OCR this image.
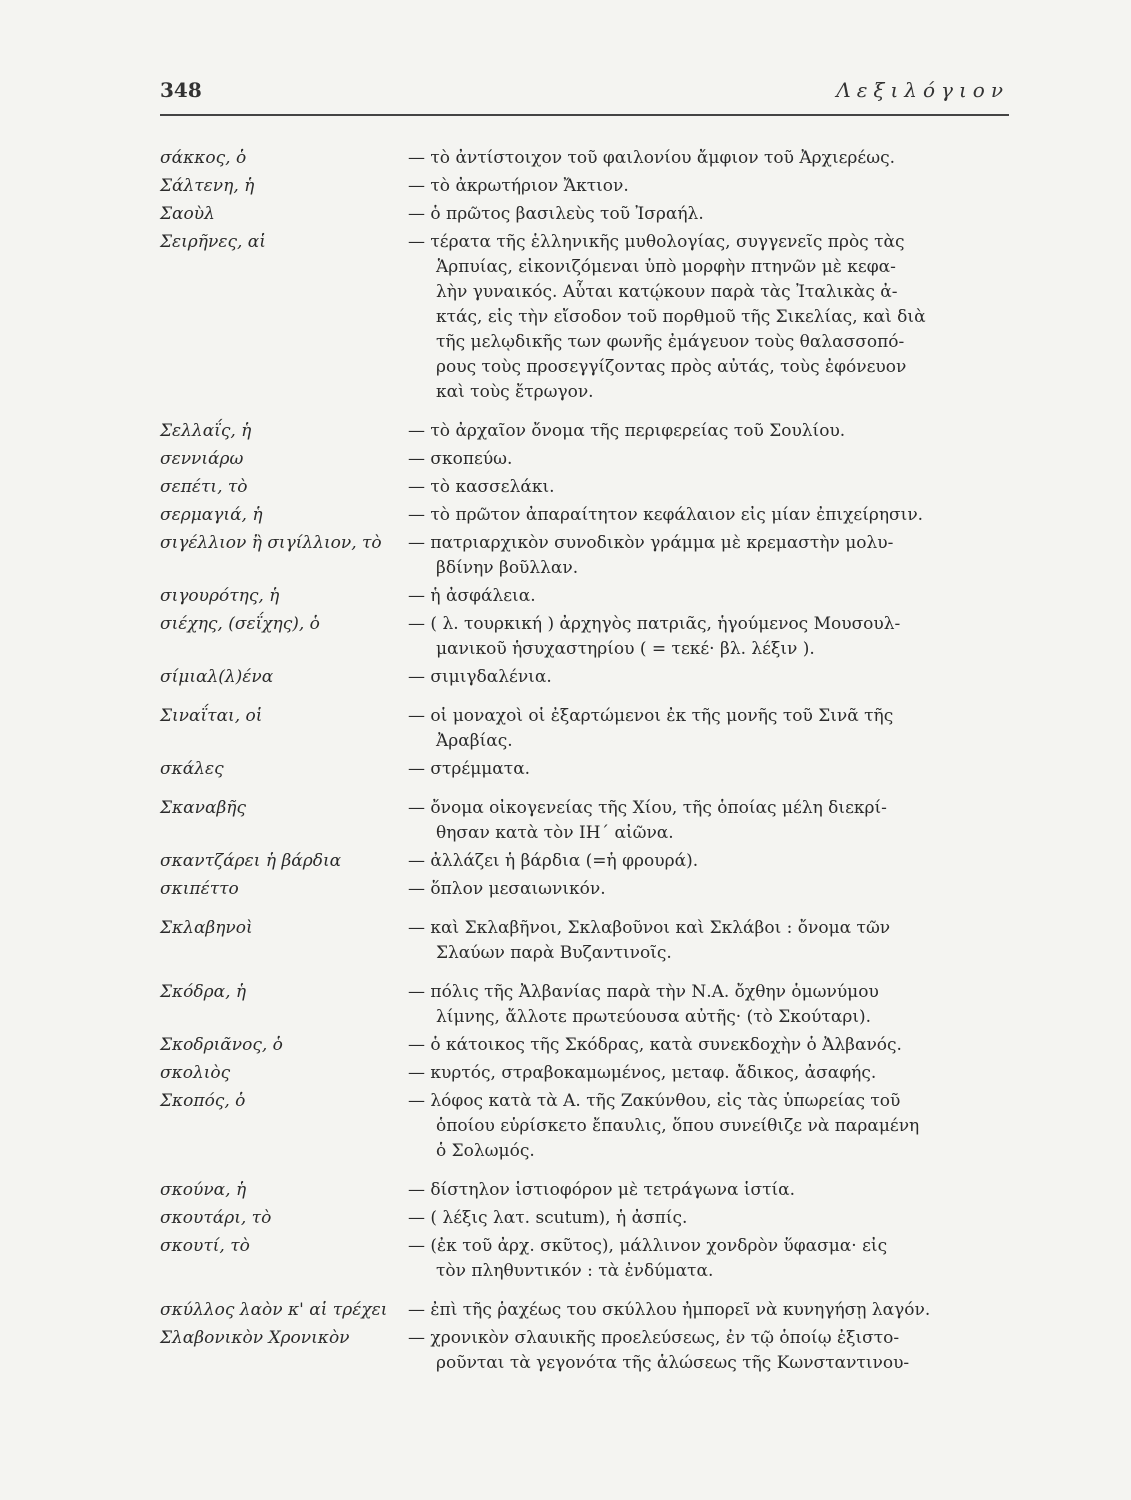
348	Λεξιλόγιον
σάκκος, ὁ	— τὸ ἀντίστοιχον τοῦ φαιλονίου ἄμφιον τοῦ Ἀρχιερέως.

Σάλτενη, ἡ	— τὸ ἀκρωτήριον Ἄκτιον.

Σαοὺλ	— ὁ πρῶτος βασιλεὺς τοῦ Ἰσραήλ.

Σειρῆνες, αἱ	— τέρατα τῆς ἑλληνικῆς μυθολογίας, συγγενεῖς πρὸς τὰς

Ἁρπυίας, εἰκονιζόμεναι ὑπὸ μορφὴν πτηνῶν μὲ κεφα-

λὴν γυναικός. Αὗται κατῴκουν παρὰ τὰς Ἰταλικὰς ἀ-

κτάς, εἰς τὴν εἴσοδον τοῦ πορθμοῦ τῆς Σικελίας, καὶ διὰ

τῆς μελῳδικῆς των φωνῆς ἐμάγευον τοὺς θαλασσοπό-

ρους τοὺς προσεγγίζοντας πρὸς αὐτάς, τοὺς ἐφόνευον

καὶ τοὺς ἔτρωγον.

Σελλαΐς, ἡ	— τὸ ἀρχαῖον ὄνομα τῆς περιφερείας τοῦ Σουλίου.

σεννιάρω	— σκοπεύω.

σεπέτι, τὸ	— τὸ κασσελάκι.

σερμαγιά, ἡ	— τὸ πρῶτον ἀπαραίτητον κεφάλαιον εἰς μίαν ἐπιχείρησιν.

σιγέλλιον ἢ σιγίλλιον, τὸ	— πατριαρχικὸν συνοδικὸν γράμμα μὲ κρεμαστὴν μολυ-

βδίνην βοῦλλαν.

σιγουρότης, ἡ	— ἡ ἀσφάλεια.

σιέχης, (σεΐχης), ὁ	— ( λ. τουρκική ) ἀρχηγὸς πατριᾶς, ἡγούμενος Μουσουλ-

μανικοῦ ἡσυχαστηρίου ( = τεκέ· βλ. λέξιν ).

σίμιαλ(λ)ένα	— σιμιγδαλένια.

Σιναΐται, οἱ	— οἱ μοναχοὶ οἱ ἐξαρτώμενοι ἐκ τῆς μονῆς τοῦ Σινᾶ τῆς

Ἀραβίας.

σκάλες	— στρέμματα.

Σκαναβῆς	— ὄνομα οἰκογενείας τῆς Χίου, τῆς ὁποίας μέλη διεκρί-

θησαν κατὰ τὸν ΙΗ΄ αἰῶνα.

σκαντζάρει ἡ βάρδια	— ἀλλάζει ἡ βάρδια (=ἡ φρουρά).

σκιπέττο	— ὅπλον μεσαιωνικόν.

Σκλαβηνοὶ	— καὶ Σκλαβῆνοι, Σκλαβοῦνοι καὶ Σκλάβοι : ὄνομα τῶν

Σλαύων παρὰ Βυζαντινοῖς.

Σκόδρα, ἡ	— πόλις τῆς Ἀλβανίας παρὰ τὴν Ν.Α. ὄχθην ὁμωνύμου

λίμνης, ἄλλοτε πρωτεύουσα αὐτῆς· (τὸ Σκούταρι).

Σκοδριᾶνος, ὁ	— ὁ κάτοικος τῆς Σκόδρας, κατὰ συνεκδοχὴν ὁ Ἀλβανός.

σκολιὸς	— κυρτός, στραβοκαμωμένος, μεταφ. ἄδικος, ἀσαφής.

Σκοπός, ὁ	— λόφος κατὰ τὰ Α. τῆς Ζακύνθου, εἰς τὰς ὑπωρείας τοῦ

ὁποίου εὑρίσκετο ἔπαυλις, ὅπου συνείθιζε νὰ παραμένη

ὁ Σολωμός.

σκούνα, ἡ	— δίστηλον ἱστιοφόρον μὲ τετράγωνα ἱστία.

σκουτάρι, τὸ	— ( λέξις λατ. scutum), ἡ ἀσπίς.

σκουτί, τὸ	— (ἐκ τοῦ ἀρχ. σκῦτος), μάλλινον χονδρὸν ὕφασμα· εἰς

τὸν πληθυντικόν : τὰ ἐνδύματα.

σκύλλος λαὸν κ' αἱ τρέχει	— ἐπὶ τῆς ῥαχέως του σκύλλου ἠμπορεῖ νὰ κυνηγήσῃ λαγόν.

Σλαβονικὸν Χρονικὸν	— χρονικὸν σλαυικῆς προελεύσεως, ἐν τῷ ὁποίῳ ἐξιστο-

ροῦνται τὰ γεγονότα τῆς ἁλώσεως τῆς Κωνσταντινου-
